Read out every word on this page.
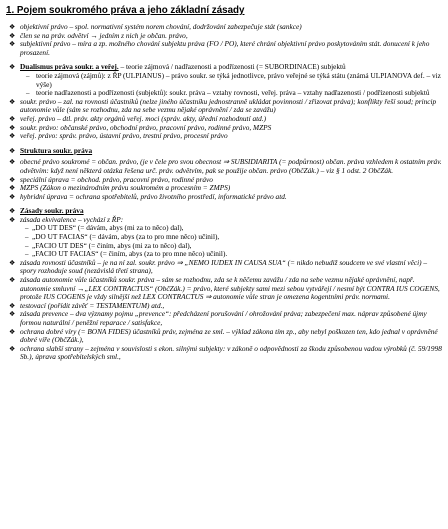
1. Pojem soukromého práva a jeho základní zásady
❖ objektivní právo – spol. normativní systém norem chování, dodržování zabezpečuje stát (sankce)
❖ člen se na práv. odvětví → jedním z nich je občan. právo,
❖ subjektivní právo – míra a zp. možného chování subjektu práva (FO / PO), které chrání objektivní právo poskytováním stát. donucení k jeho prosazení.
❖ Dualismus práva soukr. a veřej. – teorie zájmová / nadřazenosti a podřízenosti (= SUBORDINACE) subjektů
– teorie zájmová (zájmů): z ŘP (ULPIANUS) – právo soukr. se týká jednotlivce, právo veřejné se týká státu (známá ULPIANOVA def. – viz výše)
– teorie nadřazenosti a podřízenosti (subjektů): soukr. práva – vztahy rovnosti, veřej. práva – vztahy nadřazenosti / podřízenosti subjektů
❖ soukr. právo – zal. na rovnosti účastníků (nelze jiného účastníku jednostranně ukládat povinnosti / zřizovat práva); konflikty řeší soud; princip autonomie vůle (sám se rozhodnu, zda na sebe vezmu nějaké oprávnění / zda se zavážu)
❖ veřej. právo – dtl. práv. akty orgánů veřej. moci (správ. akty, úřední rozhodnutí atd.)
❖ soukr. právo: občanské právo, obchodní právo, pracovní právo, rodinné právo, MZPS
❖ veřej. právo: správ. právo, ústavní právo, trestní právo, procesní právo
❖ Struktura soukr. práva
❖ obecné právo soukromé = občan. právo, (je v čele pro svou obecnost ⇒ SUBSIDIARITA (= podpůrnost) občan. práva vzhledem k ostatním práv. odvětvím: když není některá otázka řešena urč. práv. odvětvím, pak se použije občan. právo (ObčZák.) – viz § 1 odst. 2 ObčZák.
❖ speciální úprava = obchod. právo, pracovní právo, rodinné právo
❖ MZPS (Zákon o mezinárodním právu soukromém a procesním = ZMPS)
❖ hybridní úprava = ochrana spotřebitelů, právo životního prostředí, informatické právo atd.
❖ Zásady soukr. práva
❖ zásada ekvivalence – vychází z ŘP:
– „DO UT DES“ (= dávám, abys (mi za to něco) dal),
– „DO UT FACIAS“ (= dávám, abys (za to pro mne něco) učinil),
– „FACIO UT DES“ (= činím, abys (mi za to něco) dal),
– „FACIO UT FACIAS“ (= činím, abys (za to pro mne něco) učinil).
❖ zásada rovnosti účastníků – je na ní zal. soukr. právo ⇒ „NEMO IUDEX IN CAUSA SUA“ (= nikdo nebudiž soudcem ve své vlastní věci) – spory rozhoduje soud (nezávislá třetí strana),
❖ zásada autonomie vůle účastníků soukr. práva – sám se rozhodnu, zda se k něčemu zavážu / zda na sebe vezmu nějaké oprávnění, např. autonomie smluvní →„LEX CONTRACTUS“ (ObčZák.) = právo, které subjekty sami mezi sebou vytvářejí / nesmí být CONTRA IUS COGENS, protože IUS COGENS je vždy silnější než LEX CONTRACTUS ⇒ autonomie vůle stran je omezena kogentními práv. normami.
❖ testovací (pořídit závěť = TESTAMENTUM) atd.,
❖ zásada prevence – dva významy pojmu „prevence“: předcházení porušování / ohrožování práva; zabezpečení max. náprav způsobené újmy formou naturální / peněžní reparace / satisfakce,
❖ ochrana dobré víry (= BONA FIDES) účastníků práv, zejména ze sml. – výklad zákona tím zp., aby nebyl poškozen ten, kdo jednal v oprávněné dobré víře (ObčZák.),
❖ ochrana slabší strany – zejména v souvislosti s ekon. silnými subjekty: v zákoně o odpovědnosti za škodu způsobenou vadou výrobků (č. 59/1998 Sb.), úprava spotřebitelských sml.,
